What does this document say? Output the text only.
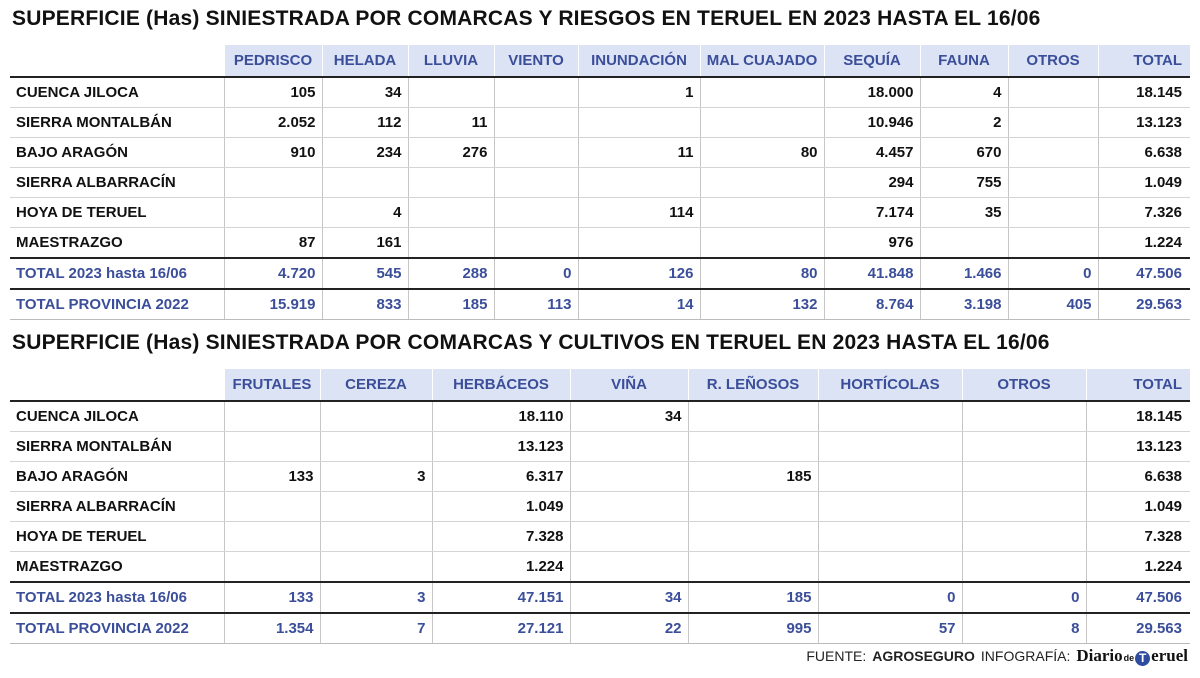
SUPERFICIE (Has) SINIESTRADA POR COMARCAS Y RIESGOS EN TERUEL EN 2023 HASTA EL 16/06
	PEDRISCO	HELADA	LLUVIA	VIENTO	INUNDACIÓN	MAL CUAJADO	SEQUÍA	FAUNA	OTROS	TOTAL
CUENCA JILOCA	105	34			1		18.000	4		18.145
SIERRA MONTALBÁN	2.052	112	11				10.946	2		13.123
BAJO ARAGÓN	910	234	276		11	80	4.457	670		6.638
SIERRA ALBARRACÍN							294	755		1.049
HOYA DE TERUEL		4			114		7.174	35		7.326
MAESTRAZGO	87	161					976			1.224
TOTAL 2023 hasta 16/06	4.720	545	288	0	126	80	41.848	1.466	0	47.506
TOTAL PROVINCIA 2022	15.919	833	185	113	14	132	8.764	3.198	405	29.563
SUPERFICIE (Has) SINIESTRADA POR COMARCAS Y CULTIVOS EN TERUEL EN 2023 HASTA EL 16/06
	FRUTALES	CEREZA	HERBÁCEOS	VIÑA	R. LEÑOSOS	HORTÍCOLAS	OTROS	TOTAL
CUENCA JILOCA			18.110	34				18.145
SIERRA MONTALBÁN			13.123					13.123
BAJO ARAGÓN	133	3	6.317		185			6.638
SIERRA ALBARRACÍN			1.049					1.049
HOYA DE TERUEL			7.328					7.328
MAESTRAZGO			1.224					1.224
TOTAL 2023 hasta 16/06	133	3	47.151	34	185	0	0	47.506
TOTAL PROVINCIA 2022	1.354	7	27.121	22	995	57	8	29.563
FUENTE: AGROSEGURO INFOGRAFÍA: Diario de T eruel
